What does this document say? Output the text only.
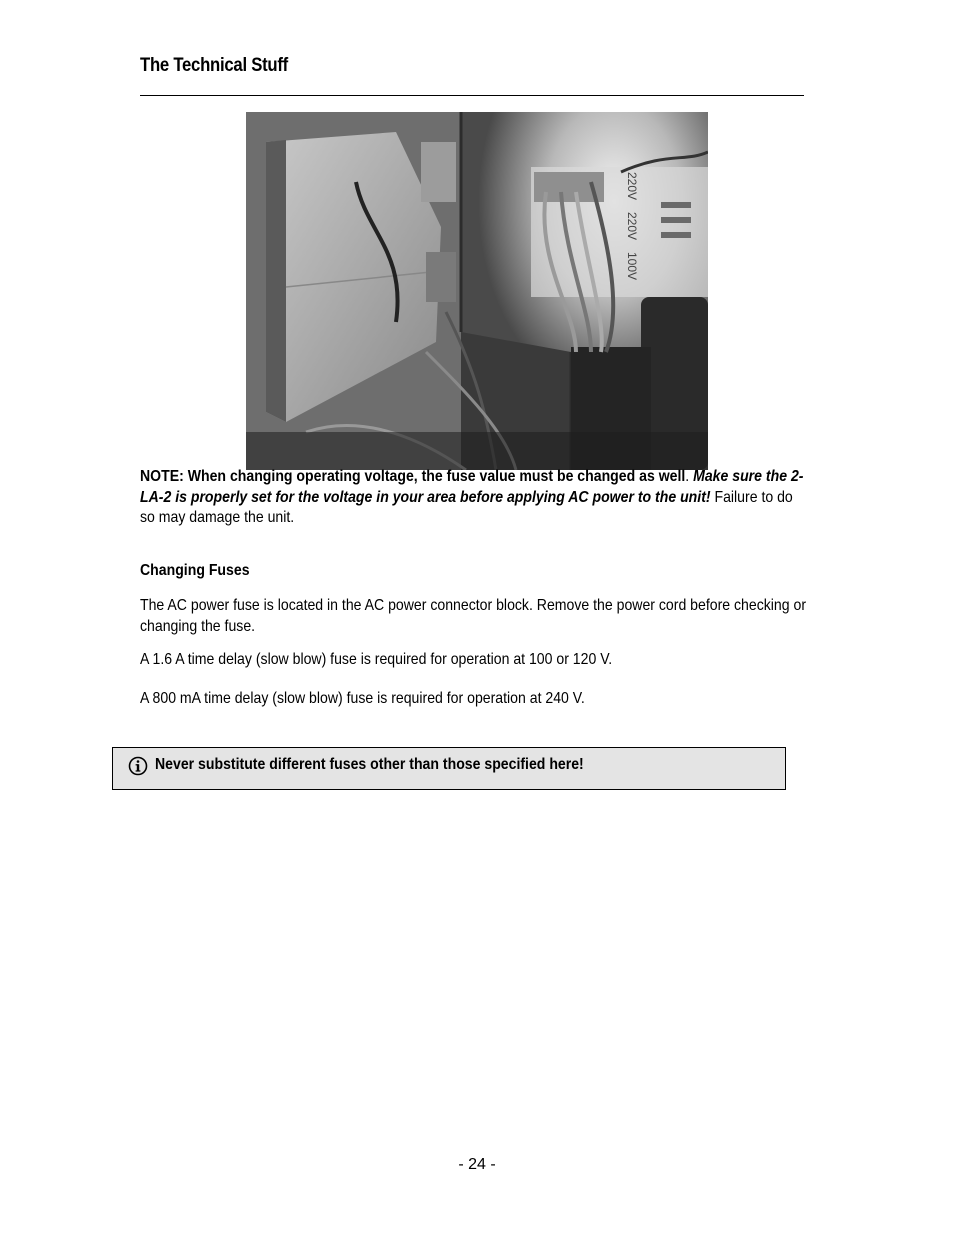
The Technical Stuff
220V
220V
100V
NOTE: When changing operating voltage, the fuse value must be changed as well. Make sure the 2-LA-2 is properly set for the voltage in your area before applying AC power to the unit! Failure to do so may damage the unit.
Changing Fuses
The AC power fuse is located in the AC power connector block. Remove the power cord before checking or changing the fuse.
A 1.6 A time delay (slow blow) fuse is required for operation at 100 or 120 V.
A 800 mA time delay (slow blow) fuse is required for operation at 240 V.
Never substitute different fuses other than those specified here!
- 24 -
